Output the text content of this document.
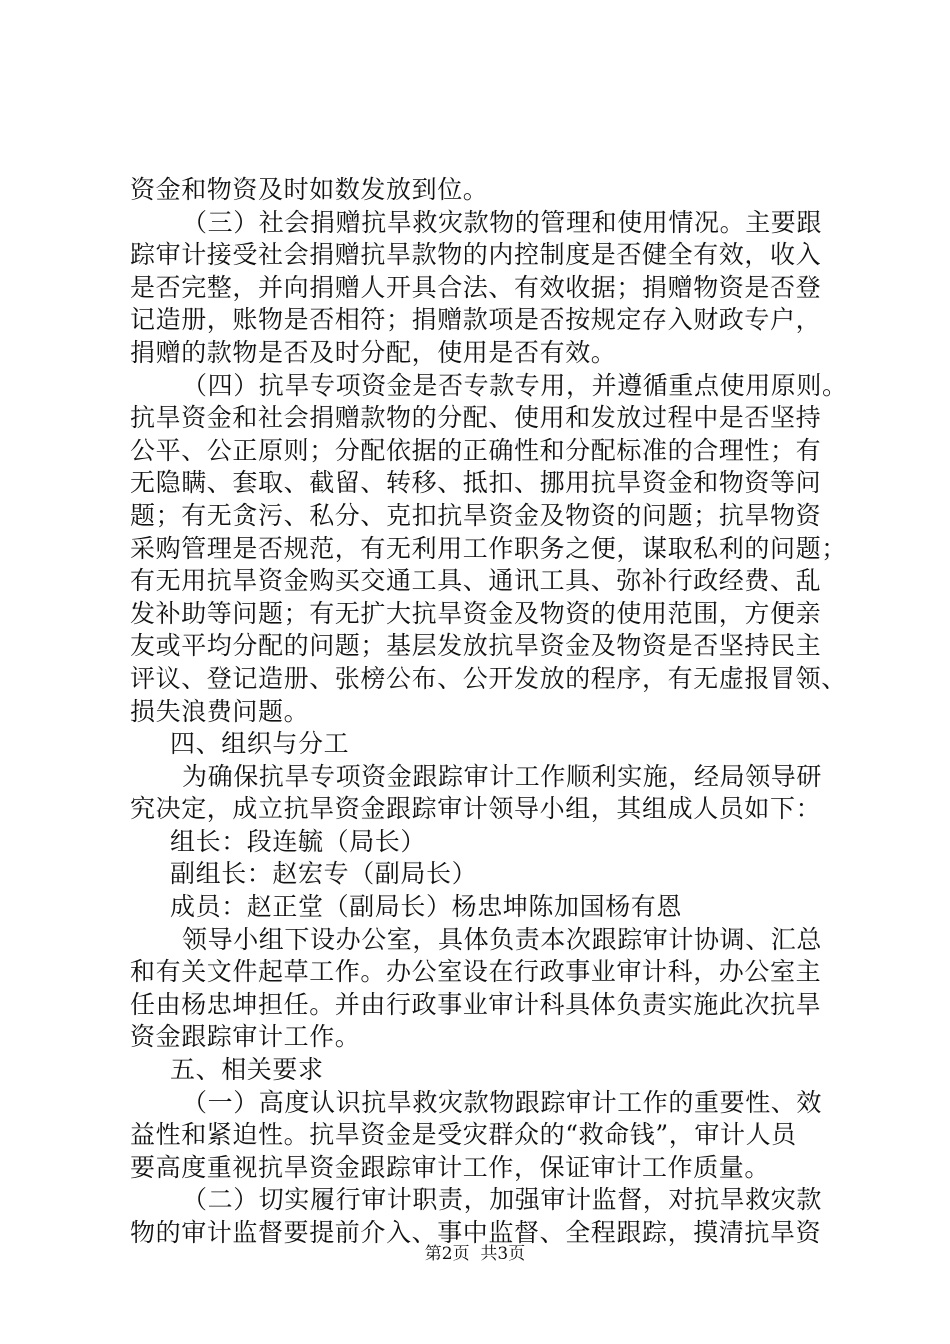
资金和物资及时如数发放到位。
（三）社会捐赠抗旱救灾款物的管理和使用情况。主要跟
踪审计接受社会捐赠抗旱款物的内控制度是否健全有效，收入
是否完整，并向捐赠人开具合法、有效收据；捐赠物资是否登
记造册，账物是否相符；捐赠款项是否按规定存入财政专户，
捐赠的款物是否及时分配，使用是否有效。
（四）抗旱专项资金是否专款专用，并遵循重点使用原则。
抗旱资金和社会捐赠款物的分配、使用和发放过程中是否坚持
公平、公正原则；分配依据的正确性和分配标准的合理性；有
无隐瞒、套取、截留、转移、抵扣、挪用抗旱资金和物资等问
题；有无贪污、私分、克扣抗旱资金及物资的问题；抗旱物资
采购管理是否规范，有无利用工作职务之便，谋取私利的问题；
有无用抗旱资金购买交通工具、通讯工具、弥补行政经费、乱
发补助等问题；有无扩大抗旱资金及物资的使用范围，方便亲
友或平均分配的问题；基层发放抗旱资金及物资是否坚持民主
评议、登记造册、张榜公布、公开发放的程序，有无虚报冒领、
损失浪费问题。
四、组织与分工
为确保抗旱专项资金跟踪审计工作顺利实施，经局领导研
究决定，成立抗旱资金跟踪审计领导小组，其组成人员如下：
组长：段连毓（局长）
副组长：赵宏专（副局长）
成员：赵正堂（副局长）杨忠坤陈加国杨有恩
领导小组下设办公室，具体负责本次跟踪审计协调、汇总
和有关文件起草工作。办公室设在行政事业审计科，办公室主
任由杨忠坤担任。并由行政事业审计科具体负责实施此次抗旱
资金跟踪审计工作。
五、相关要求
（一）高度认识抗旱救灾款物跟踪审计工作的重要性、效
益性和紧迫性。抗旱资金是受灾群众的“救命钱”，审计人员
要高度重视抗旱资金跟踪审计工作，保证审计工作质量。
（二）切实履行审计职责，加强审计监督，对抗旱救灾款
物的审计监督要提前介入、事中监督、全程跟踪，摸清抗旱资
第2页  共3页
